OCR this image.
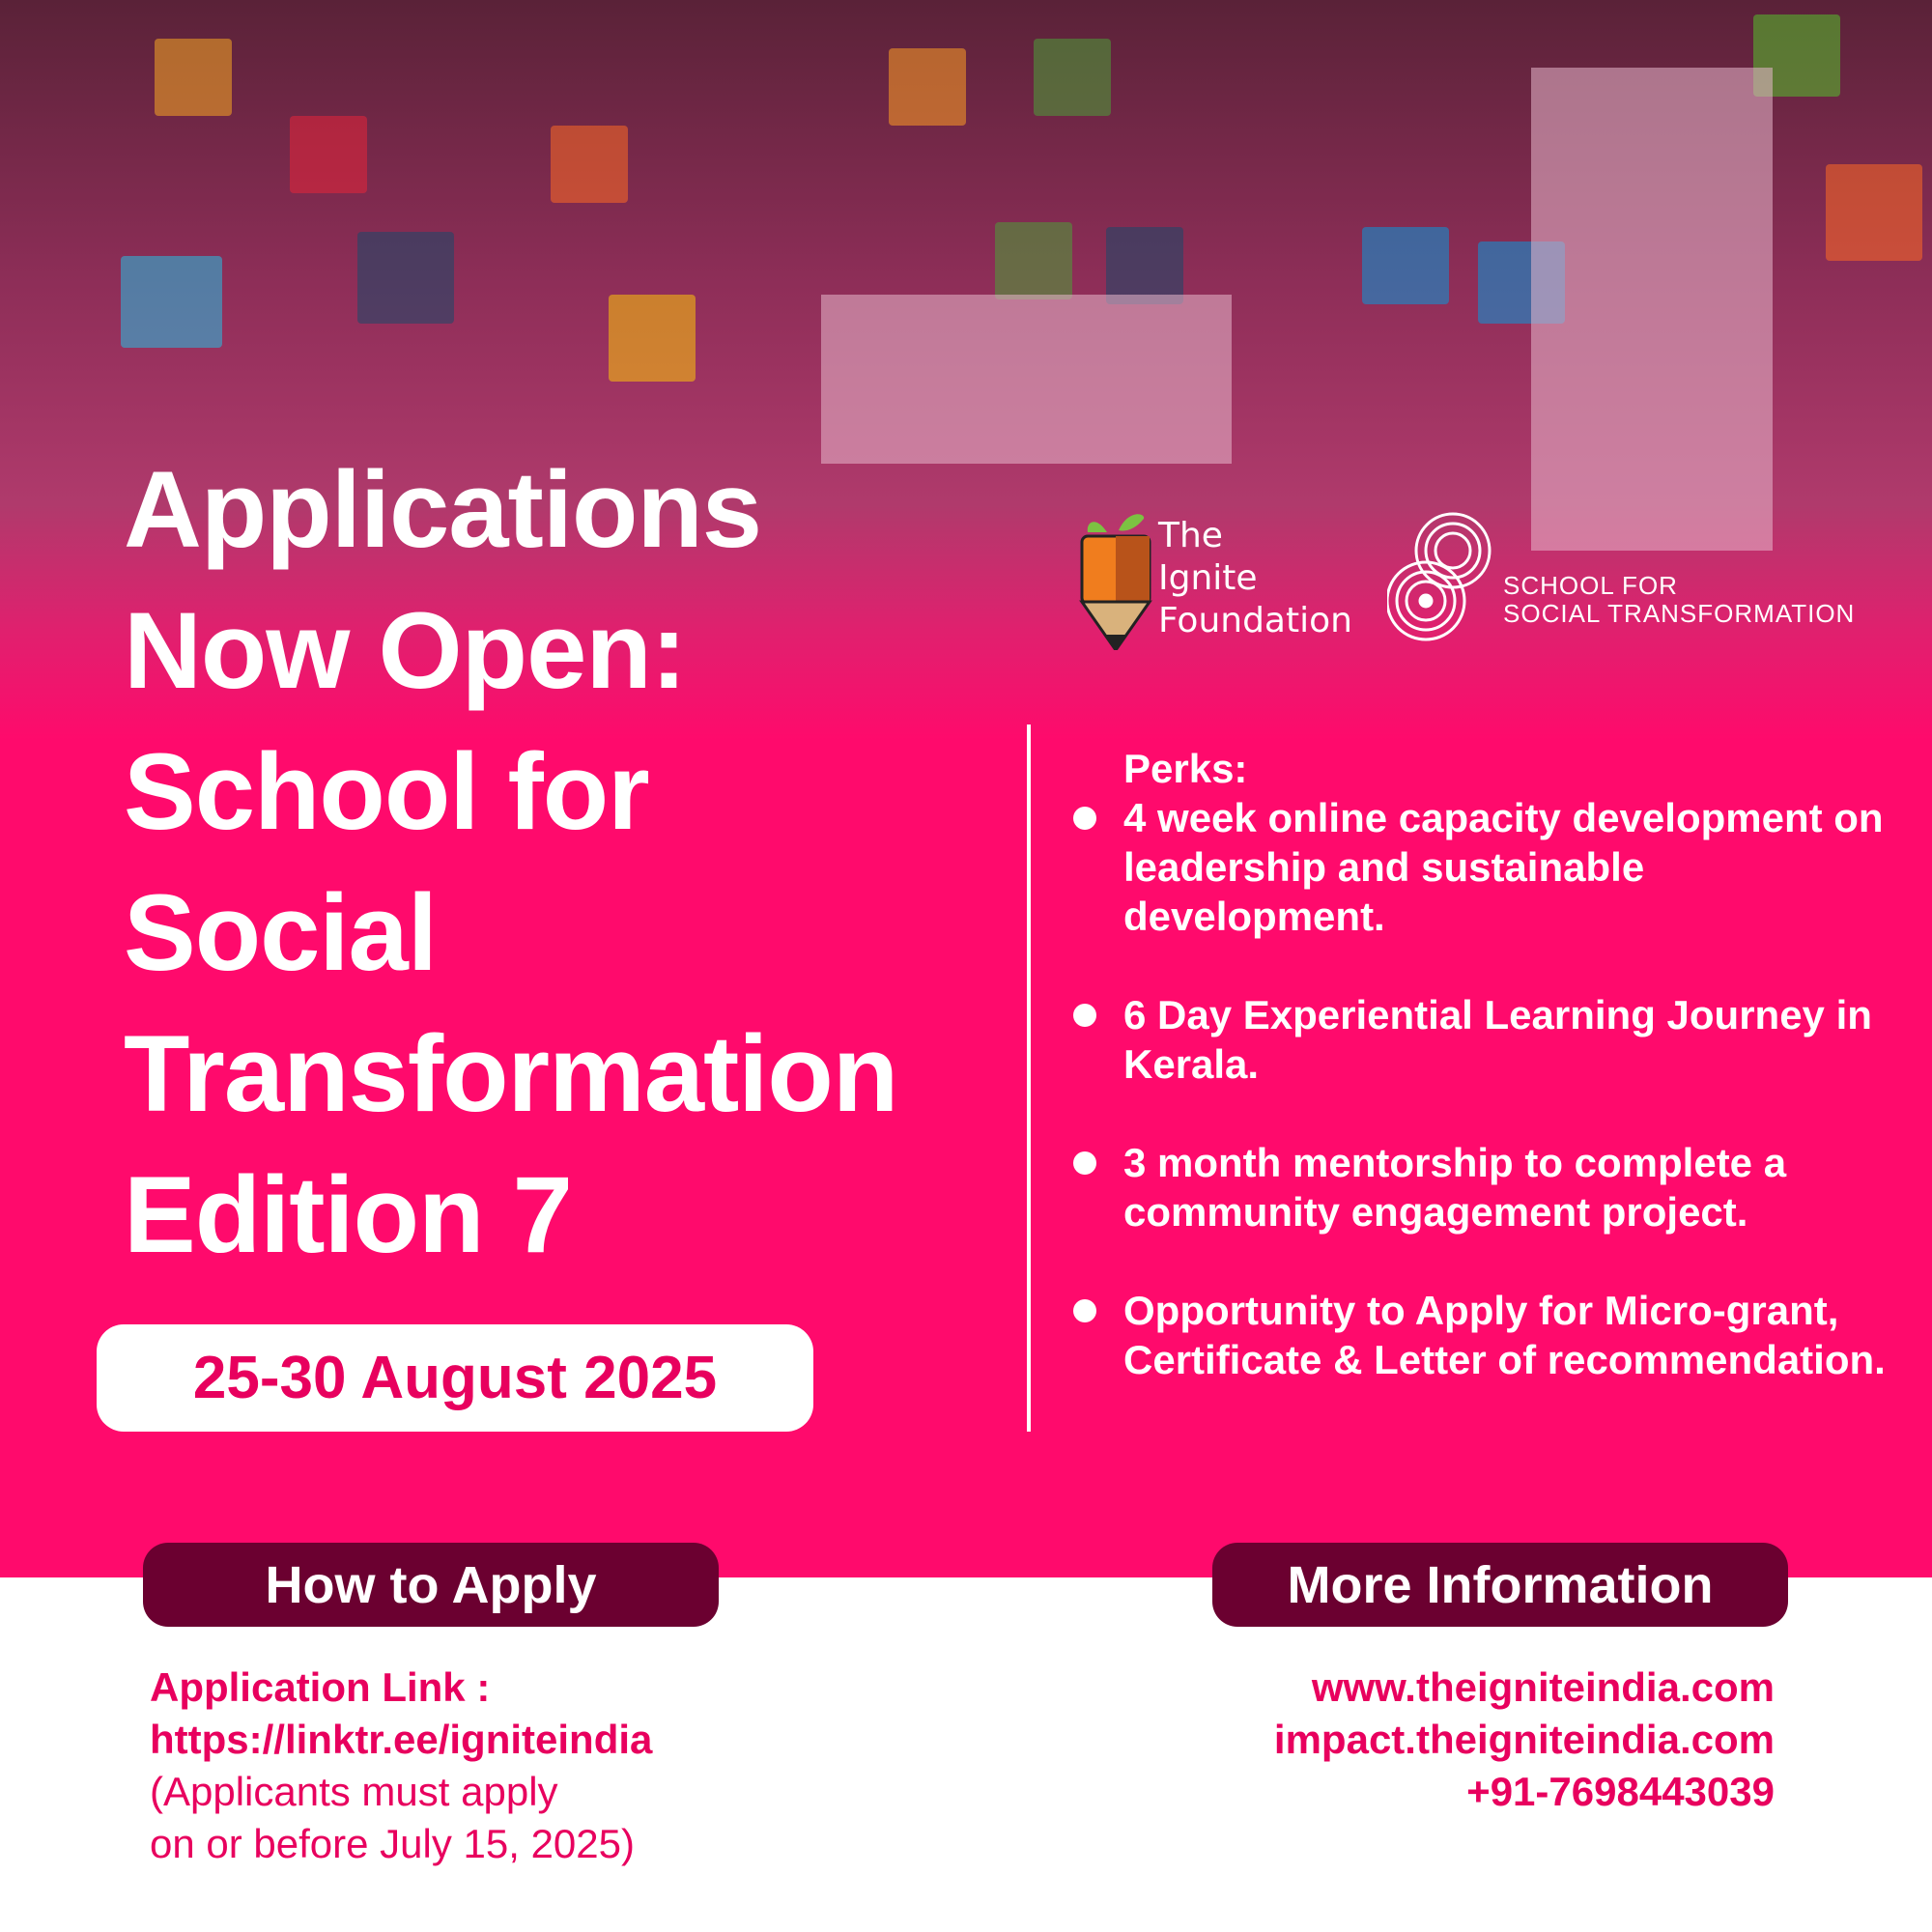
Applications
Now Open:
School for
Social
Transformation
Edition 7
25-30 August 2025
The
Ignite
Foundation
SCHOOL FOR
SOCIAL TRANSFORMATION
Perks:
4 week online capacity development on leadership and sustainable development.
6 Day Experiential Learning Journey in Kerala.
3 month mentorship to complete a community engagement project.
Opportunity to Apply for Micro-grant, Certificate & Letter of recommendation.
How to Apply	More Information
Application Link :
https://linktr.ee/igniteindia
(Applicants must apply
on or before July 15, 2025)
www.theigniteindia.com
impact.theigniteindia.com
+91-7698443039
